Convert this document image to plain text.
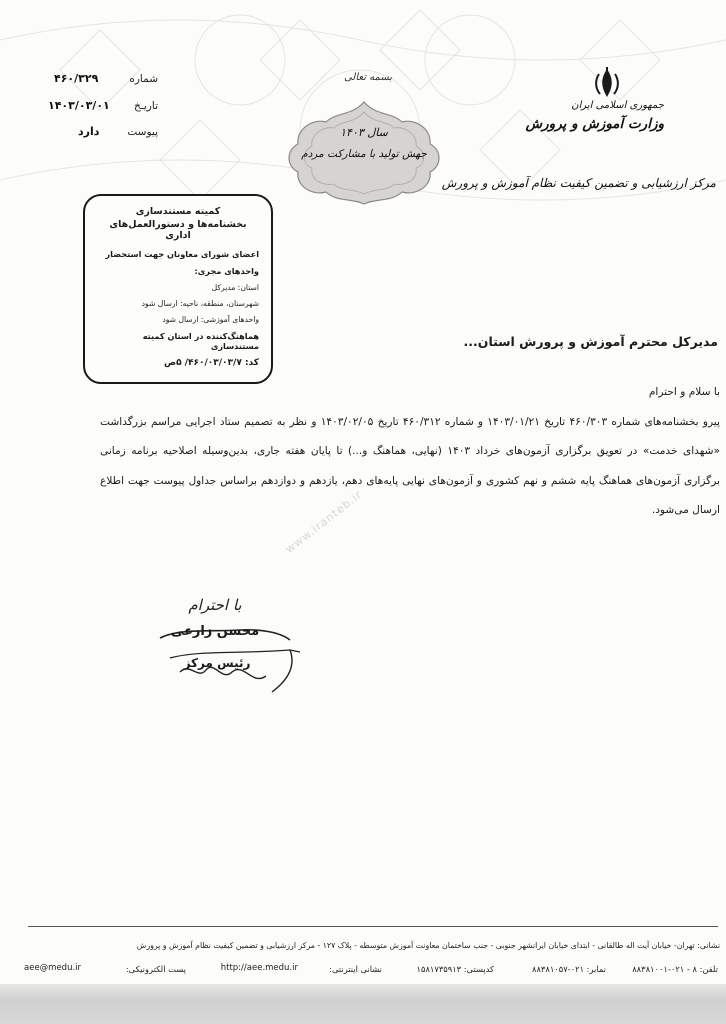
شماره
۴۶۰/۳۲۹
تاریـخ
۱۴۰۳/۰۳/۰۱
پیوست
دارد
بسمه تعالی
سال ۱۴۰۳
جهش تولید با مشارکت مردم
جمهوری اسلامی ایران
وزارت آموزش و پرورش
مرکز ارزشیابی و تضمین کیفیت نظام آموزش و پرورش
کمیته مستندسازی
بخشنامه‌ها و دستورالعمل‌های اداری
اعضای شورای معاونان جهت استحضار
واحدهای مجری:
استان: مدیرکل
شهرستان، منطقه، ناحیه: ارسال شود
واحدهای آموزشی: ارسال شود
هماهنگ‌کننده در استان کمیته مستندسازی
کد: ۴۶۰/۰۳/۰۳/۷/ ۵ص
مدیرکل محترم آموزش و پرورش استان...

با سلام و احترام

پیرو بخشنامه‌های شماره ۴۶۰/۳۰۳ تاریخ ۱۴۰۳/۰۱/۲۱ و شماره ۴۶۰/۳۱۲ تاریخ ۱۴۰۳/۰۲/۰۵ و نظر به تصمیم ستاد اجرایی مراسم بزرگداشت «شهدای خدمت» در تعویق برگزاری آزمون‌های خرداد ۱۴۰۳ (نهایی، هماهنگ و...) تا پایان هفته جاری، بدین‌وسیله اصلاحیه برنامه زمانی برگزاری آزمون‌های هماهنگ پایه ششم و نهم کشوری و آزمون‌های نهایی پایه‌های دهم، یازدهم و دوازدهم براساس جداول پیوست جهت اطلاع ارسال می‌شود.

www.iranteb.ir
با احترام
محسن زارعی
رئیس مرکز
نشانی: تهران- خیابان آیت اله طالقانی - ابتدای خیابان ایرانشهر جنوبی - جنب ساختمان معاونت آموزش متوسطه - پلاک ۱۲۷ - مرکز ارزشیابی و تضمین کیفیت نظام آموزش و پرورش
تلفن: ۸ - ۰۲۱-۸۸۳۸۱۰۰۱
نمابر: ۰۲۱-۸۸۳۸۱۰۵۷
کدپستی: ۱۵۸۱۷۳۵۹۱۳
نشانی اینترنتی:
http://aee.medu.ir
پست الکترونیکی:
aee@medu.ir
